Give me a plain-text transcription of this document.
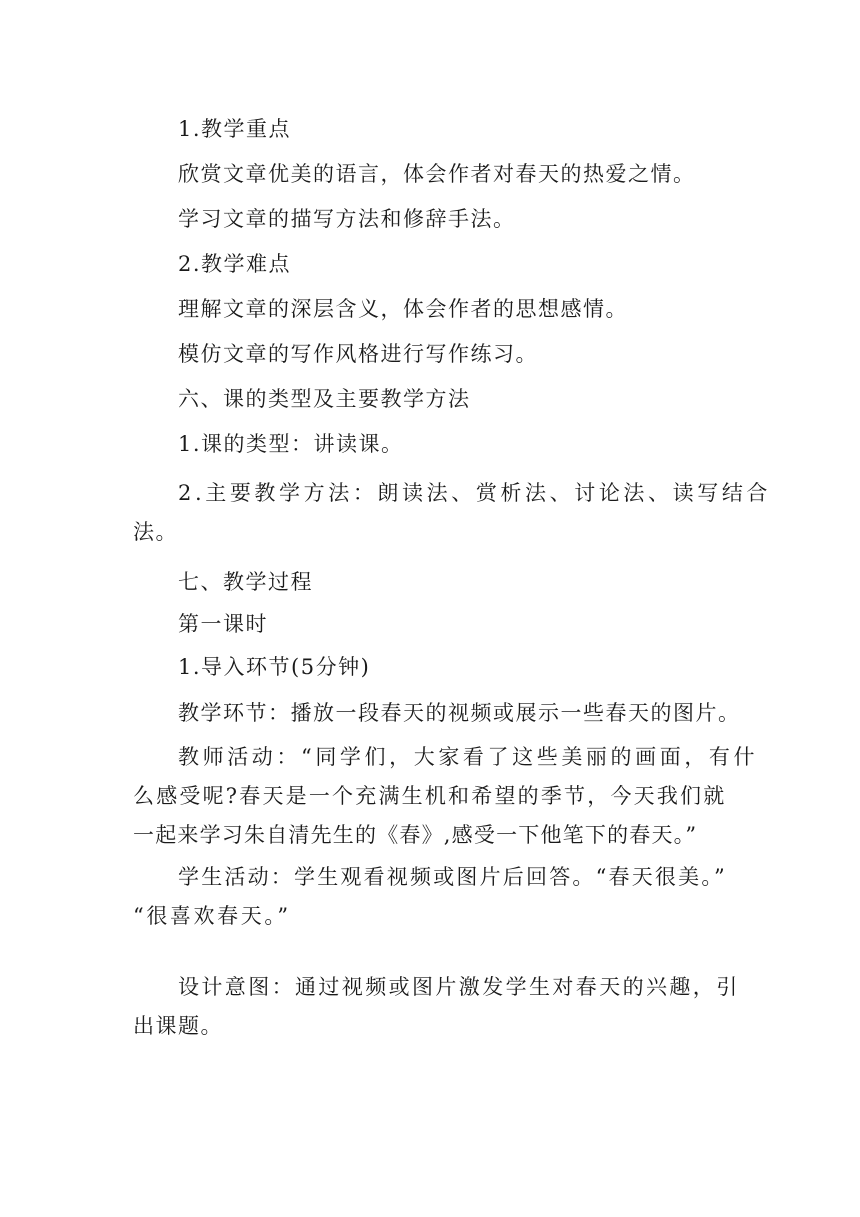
1.教学重点
欣赏文章优美的语言，体会作者对春天的热爱之情。
学习文章的描写方法和修辞手法。
2.教学难点
理解文章的深层含义，体会作者的思想感情。
模仿文章的写作风格进行写作练习。
六、课的类型及主要教学方法
1.课的类型：讲读课。
2.主要教学方法：朗读法、赏析法、讨论法、读写结合
法。
七、教学过程
第一课时
1.导入环节(5分钟)
教学环节：播放一段春天的视频或展示一些春天的图片。
教师活动：“同学们，大家看了这些美丽的画面，有什
么感受呢?春天是一个充满生机和希望的季节，今天我们就
一起来学习朱自清先生的《春》,感受一下他笔下的春天。”
学生活动：学生观看视频或图片后回答。“春天很美。”
“很喜欢春天。”
设计意图：通过视频或图片激发学生对春天的兴趣，引
出课题。
